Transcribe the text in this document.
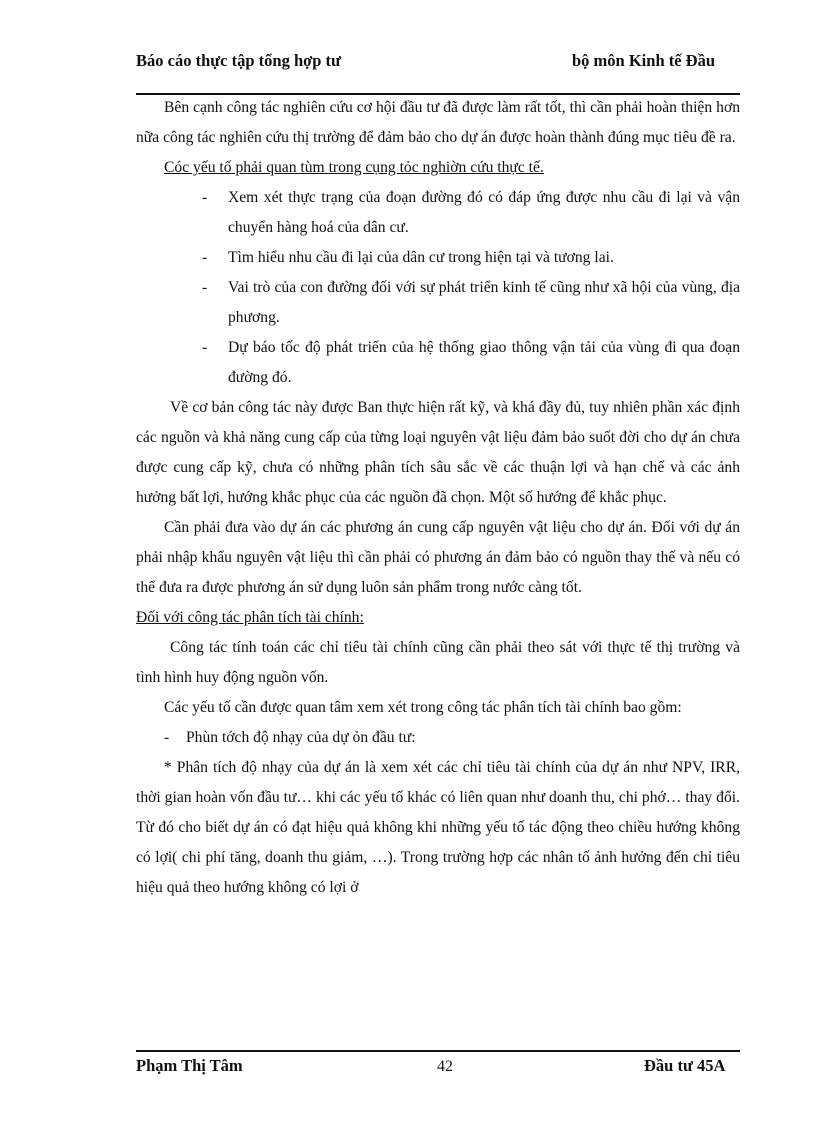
Báo cáo thực tập tổng hợp tư	bộ môn Kinh tế Đầu

Bên cạnh công tác nghiên cứu cơ hội đầu tư đã được làm rất tốt, thì cần phải hoàn thiện hơn nữa công tác nghiên cứu thị trường để đảm bảo cho dự án được hoàn thành đúng mục tiêu đề ra.

Cóc yếu tố phải quan tùm trong cụng tỏc nghiờn cứu thực tế.

- Xem xét thực trạng của đoạn đường đó có đáp ứng được nhu cầu đi lại và vận chuyển hàng hoá của dân cư.
- Tìm hiểu nhu cầu đi lại của dân cư trong hiện tại và tương lai.
- Vai trò của con đường đối với sự phát triển kinh tế cũng như xã hội của vùng, địa phương.
- Dự báo tốc độ phát triển của hệ thống giao thông vận tải của vùng đi qua đoạn đường đó.

Về cơ bản công tác này được Ban thực hiện rất kỹ, và khá đầy đủ, tuy nhiên phần xác định các nguồn và khả năng cung cấp của từng loại nguyên vật liệu đảm bảo suốt đời cho dự án chưa được cung cấp kỹ, chưa có những phân tích sâu sắc về các thuận lợi và hạn chế và các ảnh hưởng bất lợi, hướng khắc phục của các nguồn đã chọn. Một số hướng để khắc phục.

Cần phải đưa vào dự án các phương án cung cấp nguyên vật liệu cho dự án. Đối với dự án phải nhập khẩu nguyên vật liệu thì cần phải có phương án đảm bảo có nguồn thay thế và nếu có thể đưa ra được phương án sử dụng luôn sản phẩm trong nước càng tốt.

Đối với công tác phân tích tài chính:

Công tác tính toán các chỉ tiêu tài chính cũng cần phải theo sát với thực tế thị trường và tình hình huy động nguồn vốn.

Các yếu tố cần được quan tâm xem xét trong công tác phân tích tài chính bao gồm:

- Phùn tớch độ nhạy của dự ỏn đầu tư:

* Phân tích độ nhạy của dự án là xem xét các chỉ tiêu tài chính của dự án như NPV, IRR, thời gian hoàn vốn đầu tư… khi các yếu tố khác có liên quan như doanh thu, chi phớ… thay đổi. Từ đó cho biết dự án có đạt hiệu quả không khi những yếu tố tác động theo chiều hướng không có lợi( chi phí tăng, doanh thu giảm, …). Trong trường hợp các nhân tố ảnh hưởng đến chỉ tiêu hiệu quả theo hướng không có lợi ở

Phạm Thị Tâm	42	Đầu tư 45A
